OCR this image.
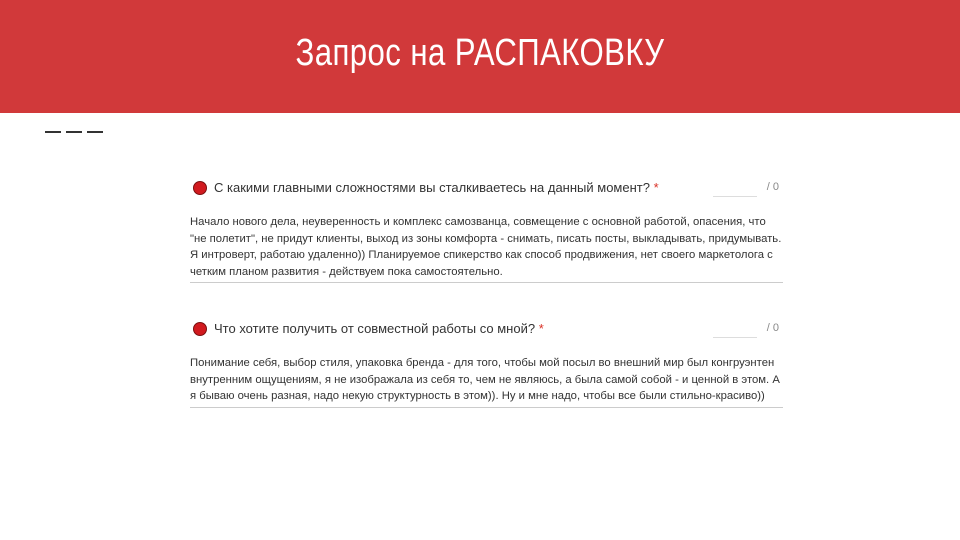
Запрос на РАСПАКОВКУ
С какими главными сложностями вы сталкиваетесь на данный момент? *	/ 0
Начало нового дела, неуверенность и комплекс самозванца, совмещение с основной работой, опасения, что "не полетит", не придут клиенты, выход из зоны комфорта - снимать, писать посты, выкладывать, придумывать. Я интроверт, работаю удаленно)) Планируемое спикерство как способ продвижения, нет своего маркетолога с четким планом развития - действуем пока самостоятельно.
Что хотите получить от совместной работы со мной? *	/ 0
Понимание себя, выбор стиля, упаковка бренда - для того, чтобы мой посыл во внешний мир был конгруэнтен внутренним ощущениям, я не изображала из себя то, чем не являюсь, а была самой собой - и ценной в этом. А я бываю очень разная, надо некую структурность в этом)). Ну и мне надо, чтобы все были стильно-красиво))
